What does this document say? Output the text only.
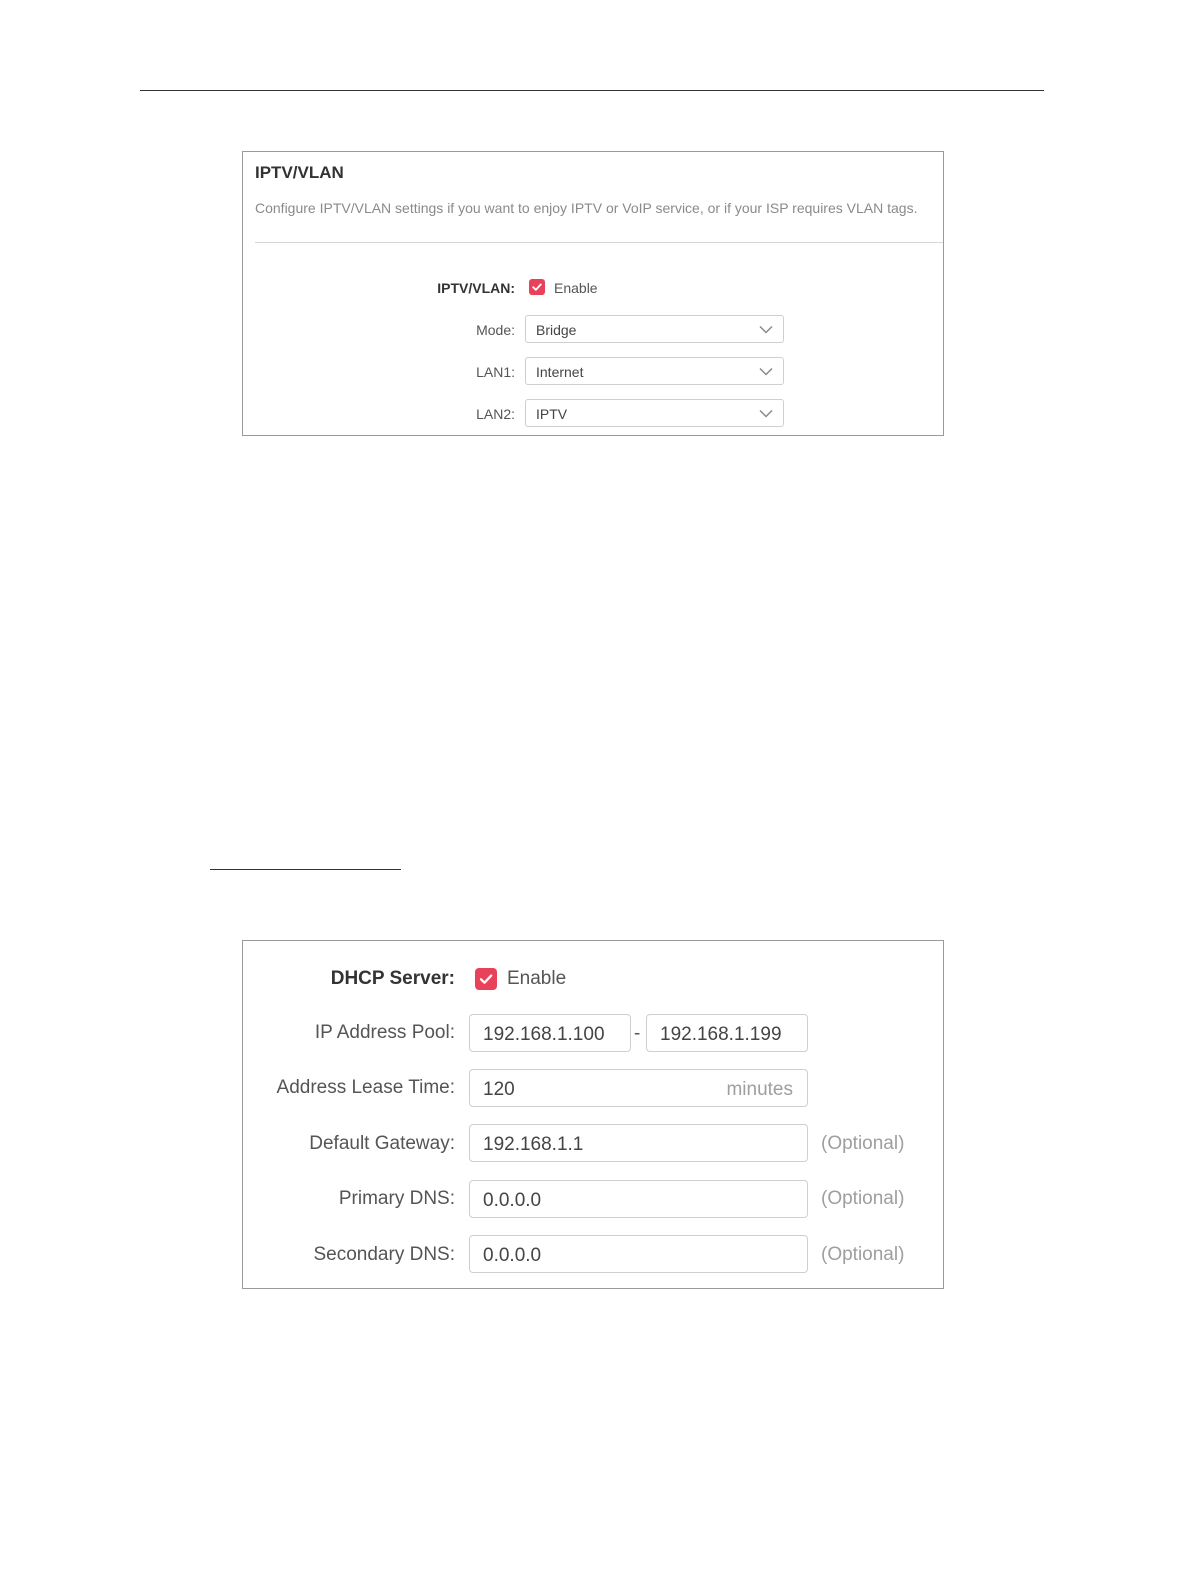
IPTV/VLAN
Configure IPTV/VLAN settings if you want to enjoy IPTV or VoIP service, or if your ISP requires VLAN tags.
IPTV/VLAN:	Enable
Mode: Bridge
LAN1: Internet
LAN2: IPTV
DHCP Server:	Enable
IP Address Pool: 192.168.1.100 - 192.168.1.199
Address Lease Time: 120	minutes
Default Gateway: 192.168.1.1	(Optional)
Primary DNS: 0.0.0.0	(Optional)
Secondary DNS: 0.0.0.0	(Optional)
